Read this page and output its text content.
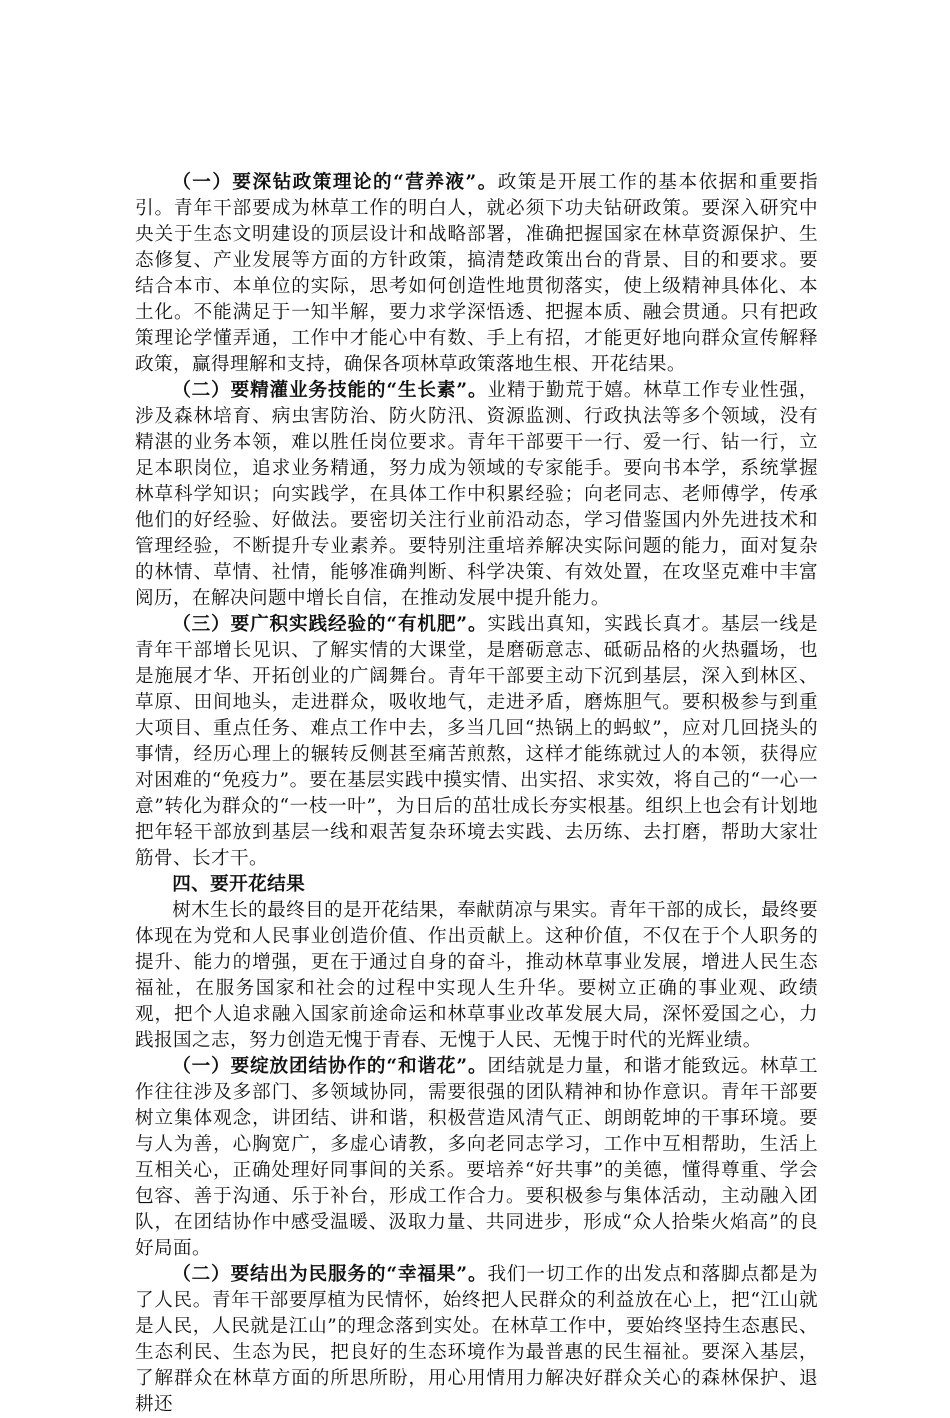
（一）要深钻政策理论的“营养液”。政策是开展工作的基本依据和重要指引。青年干部要成为林草工作的明白人，就必须下功夫钻研政策。要深入研究中央关于生态文明建设的顶层设计和战略部署，准确把握国家在林草资源保护、生态修复、产业发展等方面的方针政策，搞清楚政策出台的背景、目的和要求。要结合本市、本单位的实际，思考如何创造性地贯彻落实，使上级精神具体化、本土化。不能满足于一知半解，要力求学深悟透、把握本质、融会贯通。只有把政策理论学懂弄通，工作中才能心中有数、手上有招，才能更好地向群众宣传解释政策，赢得理解和支持，确保各项林草政策落地生根、开花结果。

（二）要精灌业务技能的“生长素”。业精于勤荒于嬉。林草工作专业性强，涉及森林培育、病虫害防治、防火防汛、资源监测、行政执法等多个领域，没有精湛的业务本领，难以胜任岗位要求。青年干部要干一行、爱一行、钻一行，立足本职岗位，追求业务精通，努力成为领域的专家能手。要向书本学，系统掌握林草科学知识；向实践学，在具体工作中积累经验；向老同志、老师傅学，传承他们的好经验、好做法。要密切关注行业前沿动态，学习借鉴国内外先进技术和管理经验，不断提升专业素养。要特别注重培养解决实际问题的能力，面对复杂的林情、草情、社情，能够准确判断、科学决策、有效处置，在攻坚克难中丰富阅历，在解决问题中增长自信，在推动发展中提升能力。

（三）要广积实践经验的“有机肥”。实践出真知，实践长真才。基层一线是青年干部增长见识、了解实情的大课堂，是磨砺意志、砥砺品格的火热疆场，也是施展才华、开拓创业的广阔舞台。青年干部要主动下沉到基层，深入到林区、草原、田间地头，走进群众，吸收地气，走进矛盾，磨炼胆气。要积极参与到重大项目、重点任务、难点工作中去，多当几回“热锅上的蚂蚁”，应对几回挠头的事情，经历心理上的辗转反侧甚至痛苦煎熬，这样才能练就过人的本领，获得应对困难的“免疫力”。要在基层实践中摸实情、出实招、求实效，将自己的“一心一意”转化为群众的“一枝一叶”，为日后的茁壮成长夯实根基。组织上也会有计划地把年轻干部放到基层一线和艰苦复杂环境去实践、去历练、去打磨，帮助大家壮筋骨、长才干。

四、要开花结果

树木生长的最终目的是开花结果，奉献荫凉与果实。青年干部的成长，最终要体现在为党和人民事业创造价值、作出贡献上。这种价值，不仅在于个人职务的提升、能力的增强，更在于通过自身的奋斗，推动林草事业发展，增进人民生态福祉，在服务国家和社会的过程中实现人生升华。要树立正确的事业观、政绩观，把个人追求融入国家前途命运和林草事业改革发展大局，深怀爱国之心，力践报国之志，努力创造无愧于青春、无愧于人民、无愧于时代的光辉业绩。

（一）要绽放团结协作的“和谐花”。团结就是力量，和谐才能致远。林草工作往往涉及多部门、多领域协同，需要很强的团队精神和协作意识。青年干部要树立集体观念，讲团结、讲和谐，积极营造风清气正、朗朗乾坤的干事环境。要与人为善，心胸宽广，多虚心请教，多向老同志学习，工作中互相帮助，生活上互相关心，正确处理好同事间的关系。要培养“好共事”的美德，懂得尊重、学会包容、善于沟通、乐于补台，形成工作合力。要积极参与集体活动，主动融入团队，在团结协作中感受温暖、汲取力量、共同进步，形成“众人拾柴火焰高”的良好局面。

（二）要结出为民服务的“幸福果”。我们一切工作的出发点和落脚点都是为了人民。青年干部要厚植为民情怀，始终把人民群众的利益放在心上，把“江山就是人民，人民就是江山”的理念落到实处。在林草工作中，要始终坚持生态惠民、生态利民、生态为民，把良好的生态环境作为最普惠的民生福祉。要深入基层，了解群众在林草方面的所思所盼，用心用情用力解决好群众关心的森林保护、退耕还
